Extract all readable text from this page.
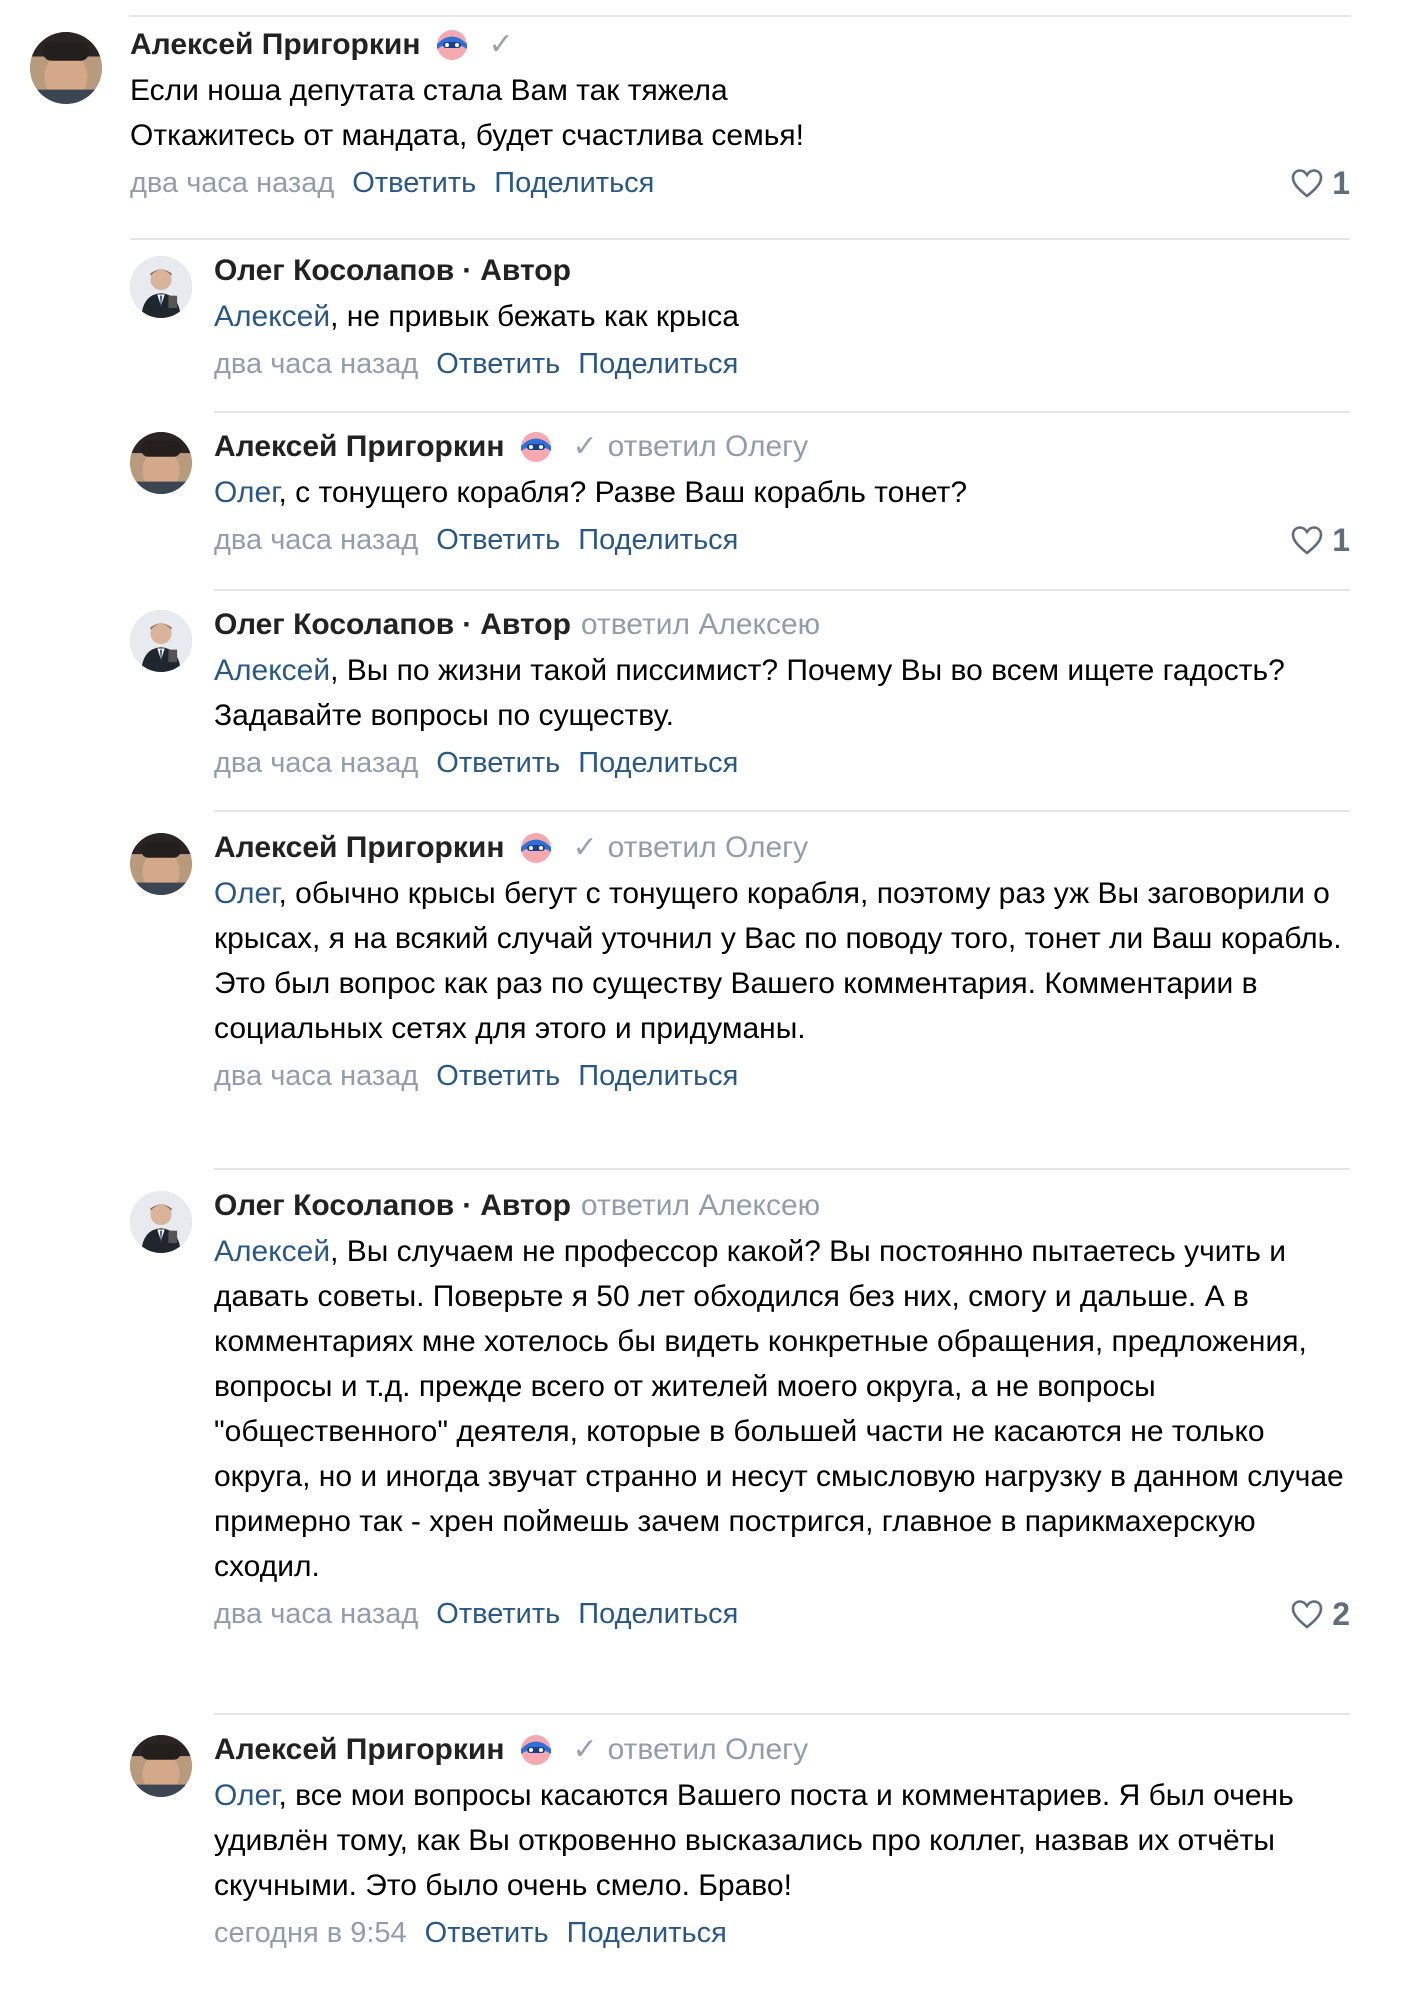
Алексей Пригоркин ✓
Если ноша депутата стала Вам так тяжела
Откажитесь от мандата, будет счастлива семья!
два часа назад Ответить Поделиться	1
Олег Косолапов · Автор
Алексей, не привык бежать как крыса
два часа назад Ответить Поделиться
Алексей Пригоркин ✓ ответил Олегу
Олег, с тонущего корабля? Разве Ваш корабль тонет?
два часа назад Ответить Поделиться	1
Олег Косолапов · Автор ответил Алексею
Алексей, Вы по жизни такой писсимист? Почему Вы во всем ищете гадость? Задавайте вопросы по существу.
два часа назад Ответить Поделиться
Алексей Пригоркин ✓ ответил Олегу
Олег, обычно крысы бегут с тонущего корабля, поэтому раз уж Вы заговорили о крысах, я на всякий случай уточнил у Вас по поводу того, тонет ли Ваш корабль. Это был вопрос как раз по существу Вашего комментария. Комментарии в социальных сетях для этого и придуманы.
два часа назад Ответить Поделиться
Олег Косолапов · Автор ответил Алексею
Алексей, Вы случаем не профессор какой? Вы постоянно пытаетесь учить и давать советы. Поверьте я 50 лет обходился без них, смогу и дальше. А в комментариях мне хотелось бы видеть конкретные обращения, предложения, вопросы и т.д. прежде всего от жителей моего округа, а не вопросы "общественного" деятеля, которые в большей части не касаются не только округа, но и иногда звучат странно и несут смысловую нагрузку в данном случае примерно так - хрен поймешь зачем постригся, главное в парикмахерскую сходил.
два часа назад Ответить Поделиться	2
Алексей Пригоркин ✓ ответил Олегу
Олег, все мои вопросы касаются Вашего поста и комментариев. Я был очень удивлён тому, как Вы откровенно высказались про коллег, назвав их отчёты скучными. Это было очень смело. Браво!
сегодня в 9:54 Ответить Поделиться
